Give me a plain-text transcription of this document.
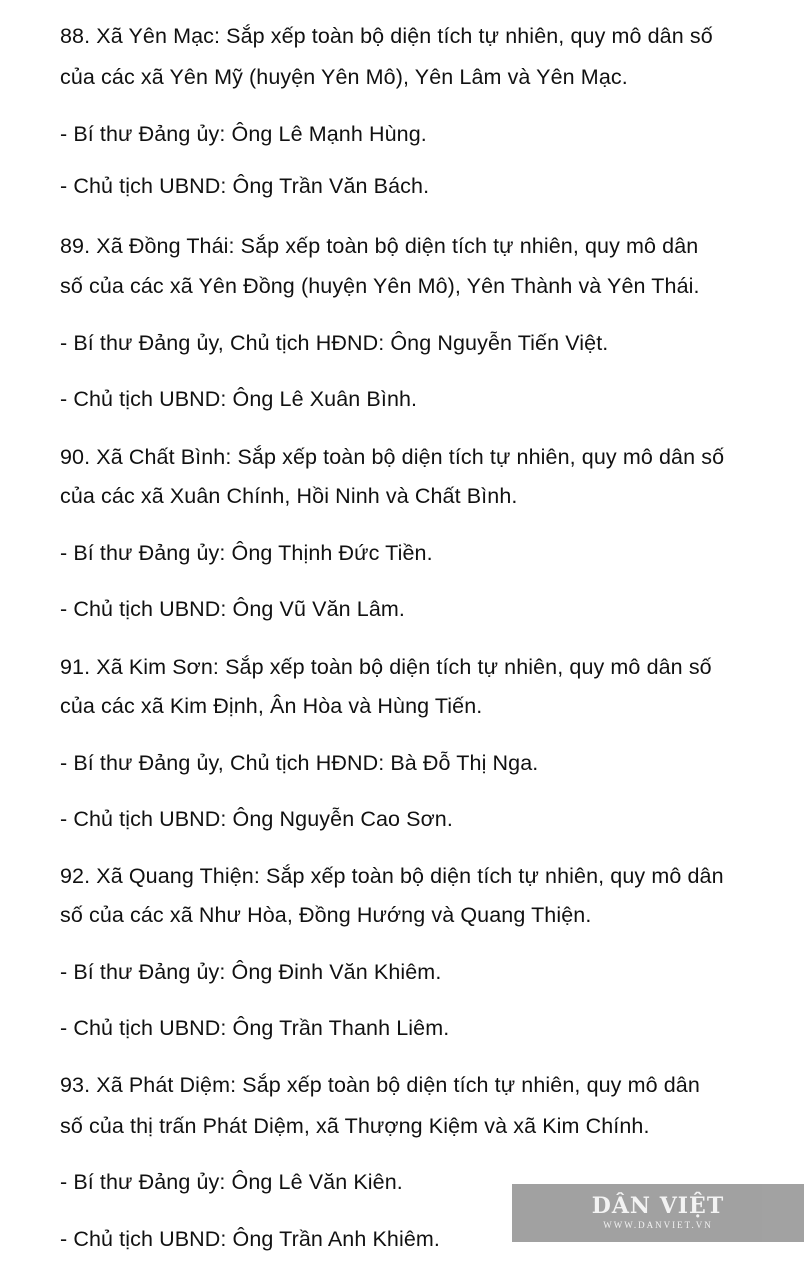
88. Xã Yên Mạc: Sắp xếp toàn bộ diện tích tự nhiên, quy mô dân số
của các xã Yên Mỹ (huyện Yên Mô), Yên Lâm và Yên Mạc.
- Bí thư Đảng ủy: Ông Lê Mạnh Hùng.
- Chủ tịch UBND: Ông Trần Văn Bách.
89. Xã Đồng Thái: Sắp xếp toàn bộ diện tích tự nhiên, quy mô dân
số của các xã Yên Đồng (huyện Yên Mô), Yên Thành và Yên Thái.
- Bí thư Đảng ủy, Chủ tịch HĐND: Ông Nguyễn Tiến Việt.
- Chủ tịch UBND: Ông Lê Xuân Bình.
90. Xã Chất Bình: Sắp xếp toàn bộ diện tích tự nhiên, quy mô dân số
của các xã Xuân Chính, Hồi Ninh và Chất Bình.
- Bí thư Đảng ủy: Ông Thịnh Đức Tiền.
- Chủ tịch UBND: Ông Vũ Văn Lâm.
91. Xã Kim Sơn: Sắp xếp toàn bộ diện tích tự nhiên, quy mô dân số
của các xã Kim Định, Ân Hòa và Hùng Tiến.
- Bí thư Đảng ủy, Chủ tịch HĐND: Bà Đỗ Thị Nga.
- Chủ tịch UBND: Ông Nguyễn Cao Sơn.
92. Xã Quang Thiện: Sắp xếp toàn bộ diện tích tự nhiên, quy mô dân
số của các xã Như Hòa, Đồng Hướng và Quang Thiện.
- Bí thư Đảng ủy: Ông Đinh Văn Khiêm.
- Chủ tịch UBND: Ông Trần Thanh Liêm.
93. Xã Phát Diệm: Sắp xếp toàn bộ diện tích tự nhiên, quy mô dân
số của thị trấn Phát Diệm, xã Thượng Kiệm và xã Kim Chính.
- Bí thư Đảng ủy: Ông Lê Văn Kiên.
- Chủ tịch UBND: Ông Trần Anh Khiêm.
DÂN VIỆT
WWW.DANVIET.VN
